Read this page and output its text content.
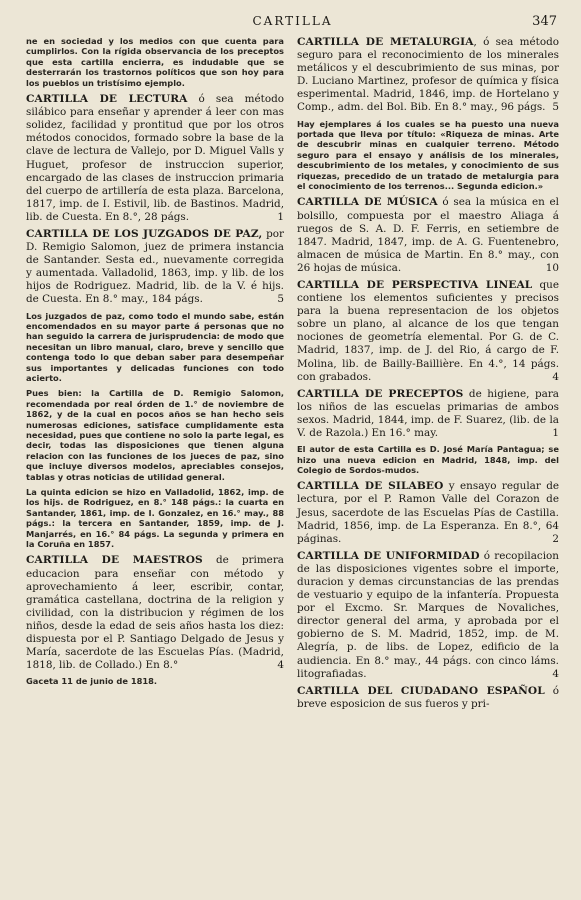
CARTILLA	347

ne en sociedad y los medios con que cuenta para cumplirlos. Con la rígida observancia de los preceptos que esta cartilla encierra, es indudable que se desterrarán los trastornos políticos que son hoy para los pueblos un tristísimo ejemplo.

CARTILLA DE LECTURA ó sea método silábico para enseñar y aprender á leer con mas solidez, facilidad y prontitud que por los otros métodos conocidos, formado sobre la base de la clave de lectura de Vallejo, por D. Miguel Valls y Huguet, profesor de instruccion superior, encargado de las clases de instruccion primaria del cuerpo de artillería de esta plaza. Barcelona, 1817, imp. de I. Estivil, lib. de Bastinos. Madrid, lib. de Cuesta. En 8.°, 28 págs.	1

CARTILLA DE LOS JUZGADOS DE PAZ, por D. Remigio Salomon, juez de primera instancia de Santander. Sesta ed., nuevamente corregida y aumentada. Valladolid, 1863, imp. y lib. de los hijos de Rodriguez. Madrid, lib. de la V. é hijs. de Cuesta. En 8.° may., 184 págs.	5

Los juzgados de paz, como todo el mundo sabe, están encomendados en su mayor parte á personas que no han seguido la carrera de jurisprudencia: de modo que necesitan un libro manual, claro, breve y sencillo que contenga todo lo que deban saber para desempeñar sus importantes y delicadas funciones con todo acierto.

Pues bien: la Cartilla de D. Remigio Salomon, recomendada por real órden de 1.° de noviembre de 1862, y de la cual en pocos años se han hecho seis numerosas ediciones, satisface cumplidamente esta necesidad, pues que contiene no solo la parte legal, es decir, todas las disposiciones que tienen alguna relacion con las funciones de los jueces de paz, sino que incluye diversos modelos, apreciables consejos, tablas y otras noticias de utilidad general.

La quinta edicion se hizo en Valladolid, 1862, imp. de los hijs. de Rodriguez, en 8.° 148 págs.: la cuarta en Santander, 1861, imp. de I. Gonzalez, en 16.° may., 88 págs.: la tercera en Santander, 1859, imp. de J. Manjarrés, en 16.° 84 págs. La segunda y primera en la Coruña en 1857.

CARTILLA DE MAESTROS de primera educacion para enseñar con método y aprovechamiento á leer, escribir, contar, gramática castellana, doctrina de la religion y civilidad, con la distribucion y régimen de los niños, desde la edad de seis años hasta los diez: dispuesta por el P. Santiago Delgado de Jesus y María, sacerdote de las Escuelas Pías. (Madrid, 1818, lib. de Collado.) En 8.°	4

Gaceta 11 de junio de 1818.

CARTILLA DE METALURGIA, ó sea método seguro para el reconocimiento de los minerales metálicos y el descubrimiento de sus minas, por D. Luciano Martinez, profesor de química y física esperimental. Madrid, 1846, imp. de Hortelano y Comp., adm. del Bol. Bib. En 8.° may., 96 págs. 5

Hay ejemplares á los cuales se ha puesto una nueva portada que lleva por título: «Riqueza de minas. Arte de descubrir minas en cualquier terreno. Método seguro para el ensayo y análisis de los minerales, descubrimiento de los metales, y conocimiento de sus riquezas, precedido de un tratado de metalurgia para el conocimiento de los terrenos... Segunda edicion.»

CARTILLA DE MÚSICA ó sea la música en el bolsillo, compuesta por el maestro Aliaga á ruegos de S. A. D. F. Ferris, en setiembre de 1847. Madrid, 1847, imp. de A. G. Fuentenebro, almacen de música de Martin. En 8.° may., con 26 hojas de música.	10

CARTILLA DE PERSPECTIVA LINEAL que contiene los elementos suficientes y precisos para la buena representacion de los objetos sobre un plano, al alcance de los que tengan nociones de geometría elemental. Por G. de C. Madrid, 1837, imp. de J. del Rio, á cargo de F. Molina, lib. de Bailly-Baillière. En 4.°, 14 págs. con grabados.	4

CARTILLA DE PRECEPTOS de higiene, para los niños de las escuelas primarias de ambos sexos. Madrid, 1844, imp. de F. Suarez, (lib. de la V. de Razola.) En 16.° may.	1

El autor de esta Cartilla es D. José María Pantagua; se hizo una nueva edicion en Madrid, 1848, imp. del Colegio de Sordos-mudos.

CARTILLA DE SILABEO y ensayo regular de lectura, por el P. Ramon Valle del Corazon de Jesus, sacerdote de las Escuelas Pías de Castilla. Madrid, 1856, imp. de La Esperanza. En 8.°, 64 páginas.	2

CARTILLA DE UNIFORMIDAD ó recopilacion de las disposiciones vigentes sobre el importe, duracion y demas circunstancias de las prendas de vestuario y equipo de la infantería. Propuesta por el Excmo. Sr. Marques de Novaliches, director general del arma, y aprobada por el gobierno de S. M. Madrid, 1852, imp. de M. Alegría, p. de libs. de Lopez, edificio de la audiencia. En 8.° may., 44 págs. con cinco láms. litografiadas.	4

CARTILLA DEL CIUDADANO ESPAÑOL ó breve esposicion de sus fueros y pri-
